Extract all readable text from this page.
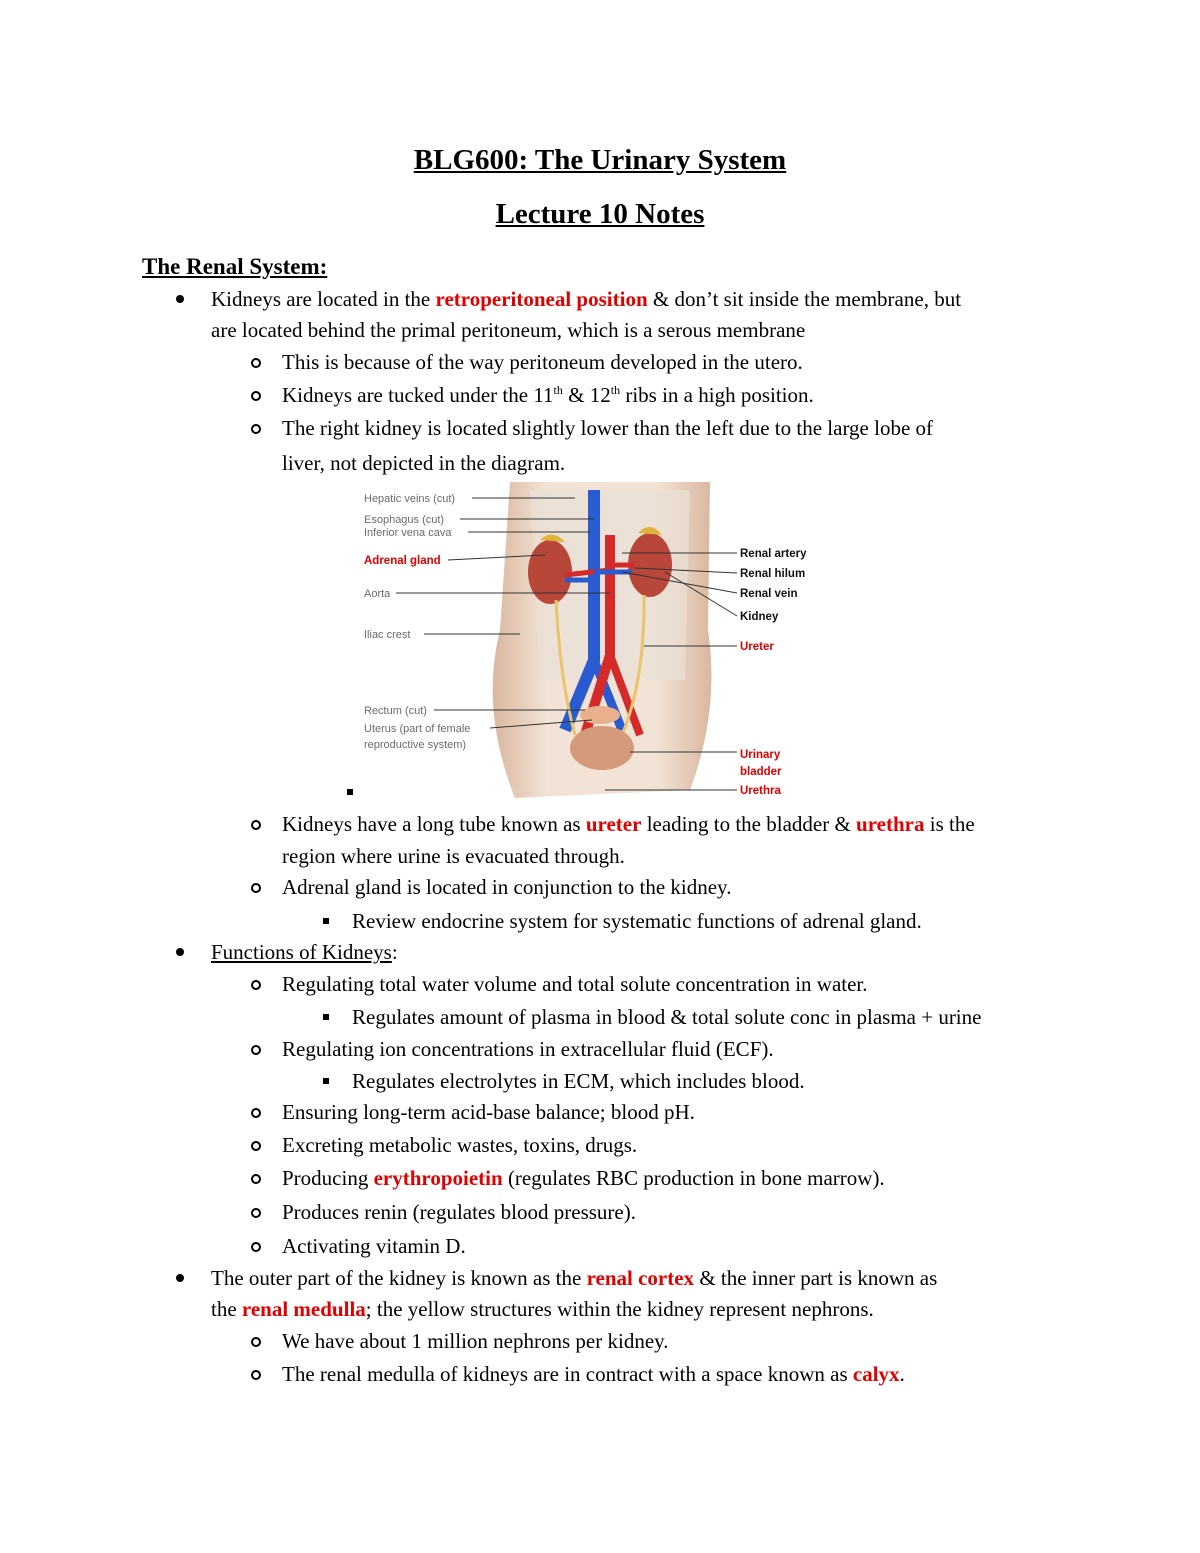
BLG600: The Urinary System
Lecture 10 Notes
The Renal System:
Kidneys are located in the retroperitoneal position & don’t sit inside the membrane, but
are located behind the primal peritoneum, which is a serous membrane
This is because of the way peritoneum developed in the utero.
Kidneys are tucked under the 11th & 12th ribs in a high position.
The right kidney is located slightly lower than the left due to the large lobe of
liver, not depicted in the diagram.
Hepatic veins (cut)
Esophagus (cut)
Inferior vena cava
Adrenal gland
Aorta
Iliac crest
Rectum (cut)
Uterus (part of female
reproductive system)
Renal artery
Renal hilum
Renal vein
Kidney
Ureter
Urinary
bladder
Urethra
Kidneys have a long tube known as ureter leading to the bladder & urethra is the
region where urine is evacuated through.
Adrenal gland is located in conjunction to the kidney.
Review endocrine system for systematic functions of adrenal gland.
Functions of Kidneys:
Regulating total water volume and total solute concentration in water.
Regulates amount of plasma in blood & total solute conc in plasma + urine
Regulating ion concentrations in extracellular fluid (ECF).
Regulates electrolytes in ECM, which includes blood.
Ensuring long-term acid-base balance; blood pH.
Excreting metabolic wastes, toxins, drugs.
Producing erythropoietin (regulates RBC production in bone marrow).
Produces renin (regulates blood pressure).
Activating vitamin D.
The outer part of the kidney is known as the renal cortex & the inner part is known as
the renal medulla; the yellow structures within the kidney represent nephrons.
We have about 1 million nephrons per kidney.
The renal medulla of kidneys are in contract with a space known as calyx.
